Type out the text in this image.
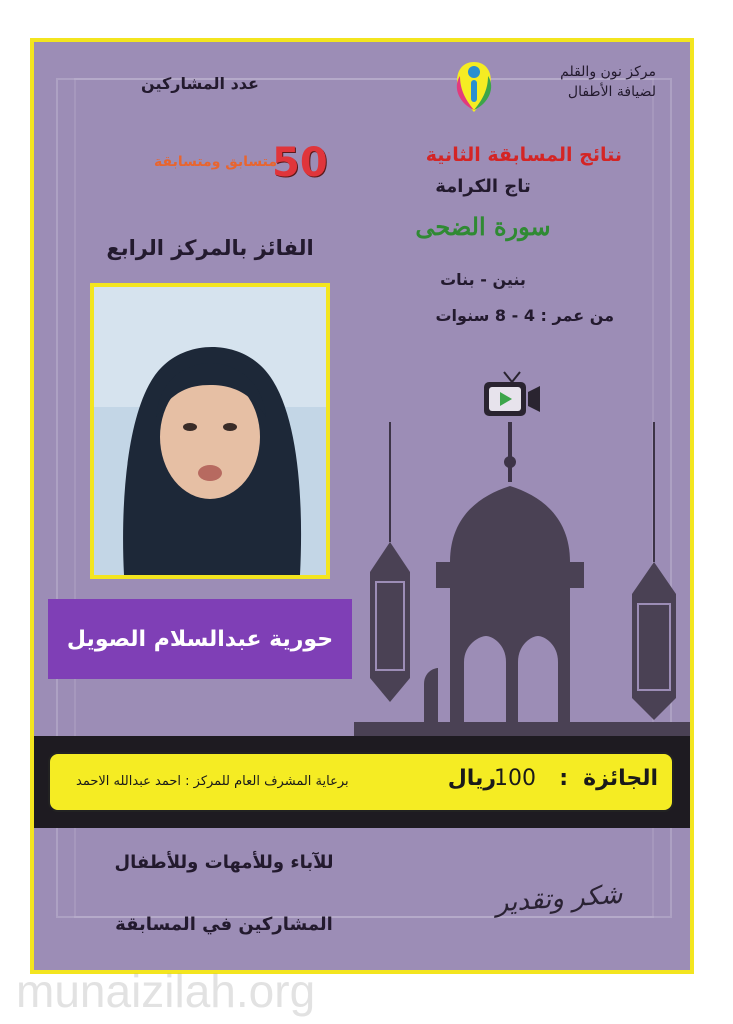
مركز نون والقلم
لضيافة الأطفال
عدد المشاركين
متسابق ومتسابقة
50	نتائج المسابقة الثانية
تاج الكرامة
سورة الضحى
بنين - بنات
من عمر : 4 - 8 سنوات
الفائز بالمركز الرابع
حورية عبدالسلام الصويل
الجائزة
:
100
ريال
برعاية المشرف العام للمركز : احمد عبدالله الاحمد
للآباء وللأمهات وللأطفال
المشاركين في المسابقة
شكر وتقدير
munaizilah.org
